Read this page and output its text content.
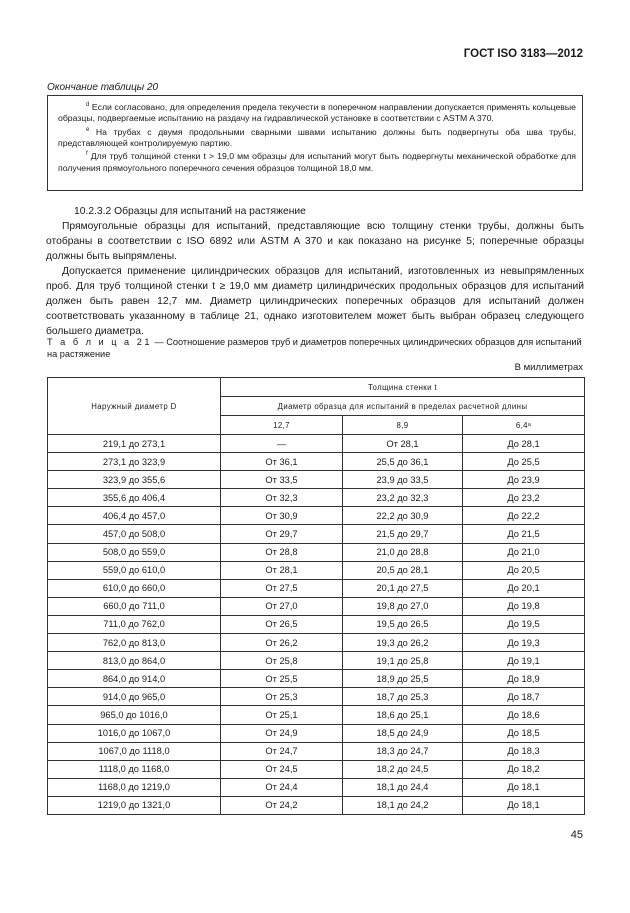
ГОСТ ISO 3183—2012
Окончание таблицы 20

$^d$ Если согласовано, для определения предела текучести в поперечном направлении допускается применять кольцевые образцы, подвергаемые испытанию на раздачу на гидравлической установке в соответствии с ASTM A 370.

$^e$ На трубах с двумя продольными сварными швами испытанию должны быть подвергнуты оба шва трубы, представляющей контролируемую партию.

$^f$ Для труб толщиной стенки t > 19,0 мм образцы для испытаний могут быть подвергнуты механической обработке для получения прямоугольного поперечного сечения образцов толщиной 18,0 мм.

10.2.3.2 Образцы для испытаний на растяжение

Прямоугольные образцы для испытаний, представляющие всю толщину стенки трубы, должны быть отобраны в соответствии с ISO 6892 или ASTM A 370 и как показано на рисунке 5; поперечные образцы должны быть выпрямлены.

Допускается применение цилиндрических образцов для испытаний, изготовленных из невыпрямленных проб. Для труб толщиной стенки t ≥ 19,0 мм диаметр цилиндрических продольных образцов для испытаний должен быть равен 12,7 мм. Диаметр цилиндрических поперечных образцов для испытаний должен соответствовать указанному в таблице 21, однако изготовителем может быть выбран образец следующего большего диаметра.

Т а б л и ц а 21 — Соотношение размеров труб и диаметров поперечных цилиндрических образцов для испытаний на растяжение
В миллиметрах
Наружный диаметр D	Толщина стенки t		
	Диаметр образца для испытаний в пределах расчетной длины		
	12,7	8,9	6,4ᵃ
219,1 до 273,1	—	От 28,1	До 28,1
273,1 до 323,9	От 36,1	25,5 до 36,1	До 25,5
323,9 до 355,6	От 33,5	23,9 до 33,5	До 23,9
355,6 до 406,4	От 32,3	23,2 до 32,3	До 23,2
406,4 до 457,0	От 30,9	22,2 до 30,9	До 22,2
457,0 до 508,0	От 29,7	21,5 до 29,7	До 21,5
508,0 до 559,0	От 28,8	21,0 до 28,8	До 21,0
559,0 до 610,0	От 28,1	20,5 до 28,1	До 20,5
610,0 до 660,0	От 27,5	20,1 до 27,5	До 20,1
660,0 до 711,0	От 27,0	19,8 до 27,0	До 19,8
711,0 до 762,0	От 26,5	19,5 до 26,5	До 19,5
762,0 до 813,0	От 26,2	19,3 до 26,2	До 19,3
813,0 до 864,0	От 25,8	19,1 до 25,8	До 19,1
864,0 до 914,0	От 25,5	18,9 до 25,5	До 18,9
914,0 до 965,0	От 25,3	18,7 до 25,3	До 18,7
965,0 до 1016,0	От 25,1	18,6 до 25,1	До 18,6
1016,0 до 1067,0	От 24,9	18,5 до 24,9	До 18,5
1067,0 до 1118,0	От 24,7	18,3 до 24,7	До 18,3
1118,0 до 1168,0	От 24,5	18,2 до 24,5	До 18,2
1168,0 до 1219,0	От 24,4	18,1 до 24,4	До 18,1
1219,0 до 1321,0	От 24,2	18,1 до 24,2	До 18,1
45
